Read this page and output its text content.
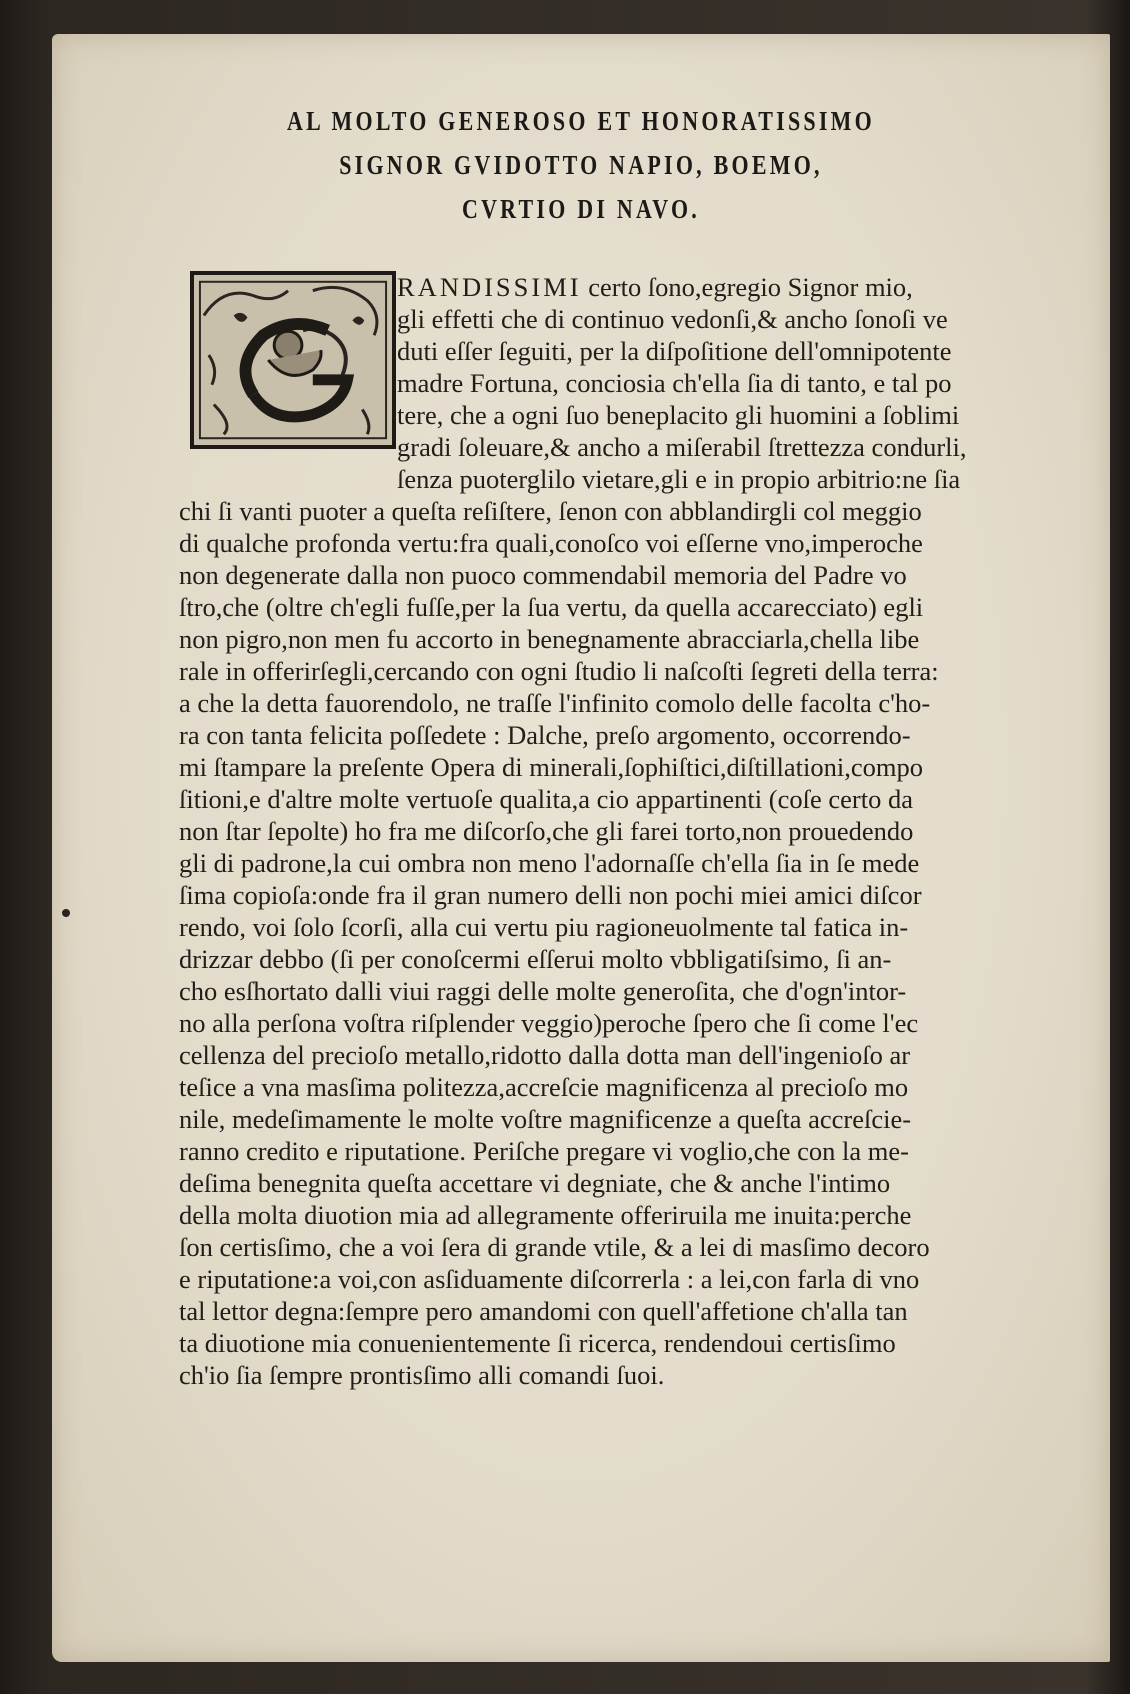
AL MOLTO GENEROSO ET HONORATISSIMO
SIGNOR GVIDOTTO NAPIO, BOEMO,
CVRTIO DI NAVO.
RANDISSIMI certo ſono,egregio Signor mio,
gli effetti che di continuo vedonſi,& ancho ſonoſi ve
duti eſſer ſeguiti, per la diſpoſitione dell'omnipotente
madre Fortuna, conciosia ch'ella ſia di tanto, e tal po
tere, che a ogni ſuo beneplacito gli huomini a ſoblimi
gradi ſoleuare,& ancho a miſerabil ſtrettezza condurli,
ſenza puoterglilo vietare,gli e in propio arbitrio:ne ſia
chi ſi vanti puoter a queſta reſiſtere, ſenon con abblandirgli col meggio
di qualche profonda vertu:fra quali,conoſco voi eſſerne vno,imperoche
non degenerate dalla non puoco commendabil memoria del Padre vo
ſtro,che (oltre ch'egli fuſſe,per la ſua vertu, da quella accarecciato) egli
non pigro,non men fu accorto in benegnamente abracciarla,chella libe
rale in offerirſegli,cercando con ogni ſtudio li naſcoſti ſegreti della terra:
a che la detta fauorendolo, ne traſſe l'infinito comolo delle facolta c'ho-
ra con tanta felicita poſſedete : Dalche, preſo argomento, occorrendo-
mi ſtampare la preſente Opera di minerali,ſophiſtici,diſtillationi,compo
ſitioni,e d'altre molte vertuoſe qualita,a cio appartinenti (coſe certo da
non ſtar ſepolte) ho fra me diſcorſo,che gli farei torto,non prouedendo
gli di padrone,la cui ombra non meno l'adornaſſe ch'ella ſia in ſe mede
ſima copioſa:onde fra il gran numero delli non pochi miei amici diſcor
rendo, voi ſolo ſcorſi, alla cui vertu piu ragioneuolmente tal fatica in-
drizzar debbo (ſi per conoſcermi eſſerui molto vbbligatiſsimo, ſi an-
cho esſhortato dalli viui raggi delle molte generoſita, che d'ogn'intor-
no alla perſona voſtra riſplender veggio)peroche ſpero che ſi come l'ec
cellenza del precioſo metallo,ridotto dalla dotta man dell'ingenioſo ar
teſice a vna masſima politezza,accreſcie magnificenza al precioſo mo
nile, medeſimamente le molte voſtre magnificenze a queſta accreſcie-
ranno credito e riputatione. Periſche pregare vi voglio,che con la me-
deſima benegnita queſta accettare vi degniate, che & anche l'intimo
della molta diuotion mia ad allegramente offeriruila me inuita:perche
ſon certisſimo, che a voi ſera di grande vtile, & a lei di masſimo decoro
e riputatione:a voi,con asſiduamente diſcorrerla : a lei,con farla di vno
tal lettor degna:ſempre pero amandomi con quell'affetione ch'alla tan
ta diuotione mia conuenientemente ſi ricerca, rendendoui certisſimo
ch'io ſia ſempre prontisſimo alli comandi ſuoi.
